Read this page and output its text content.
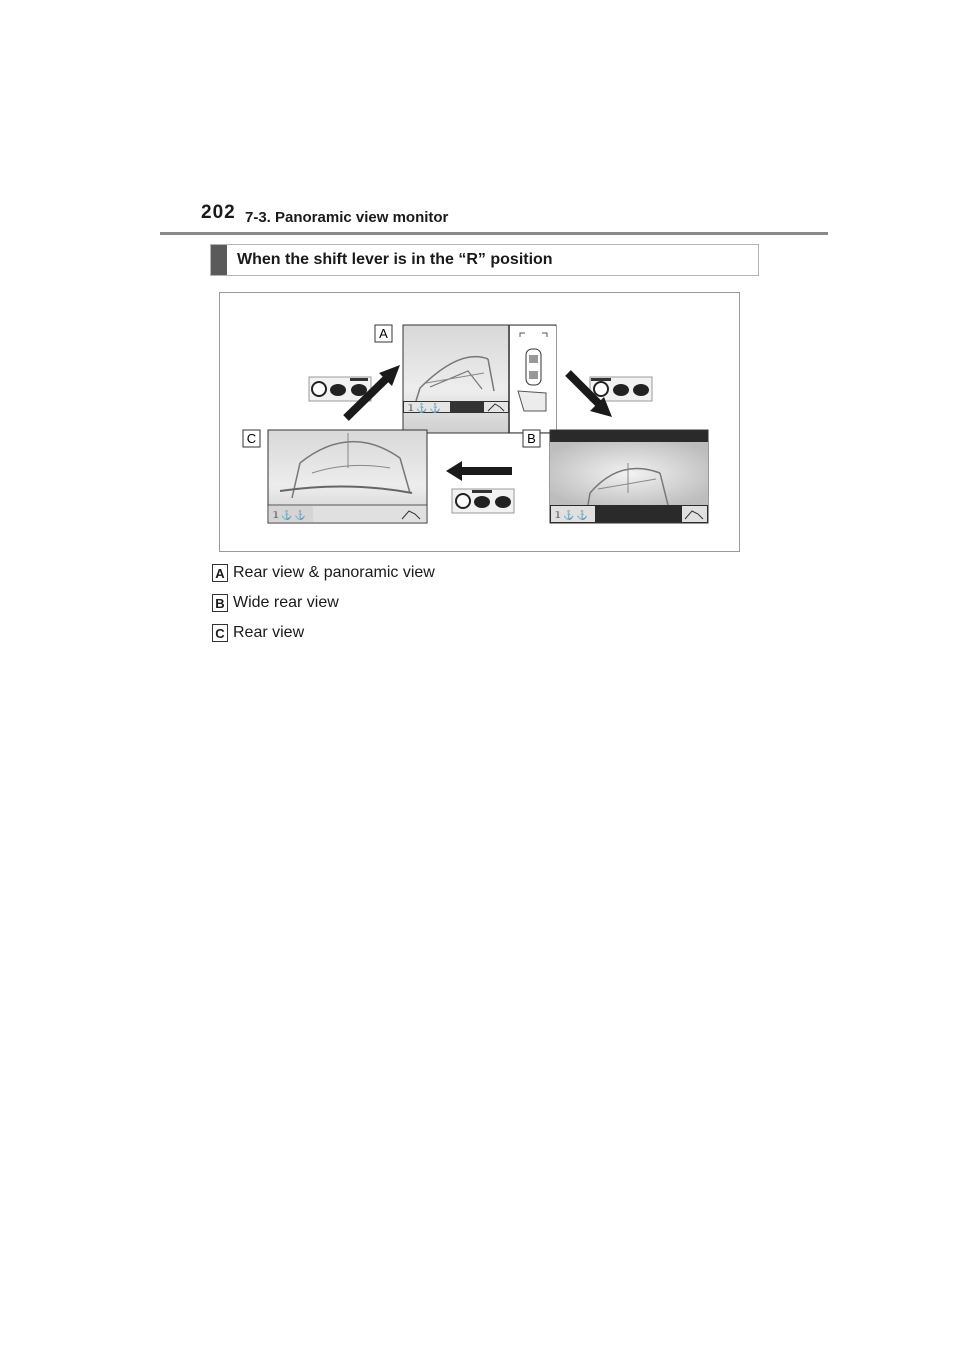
202 7-3. Panoramic view monitor
When the shift lever is in the “R” position
A
𝟙 ⚓ ⚓
C
𝟙 ⚓ ⚓
B
𝟙 ⚓ ⚓
A Rear view & panoramic view
B Wide rear view
C Rear view
